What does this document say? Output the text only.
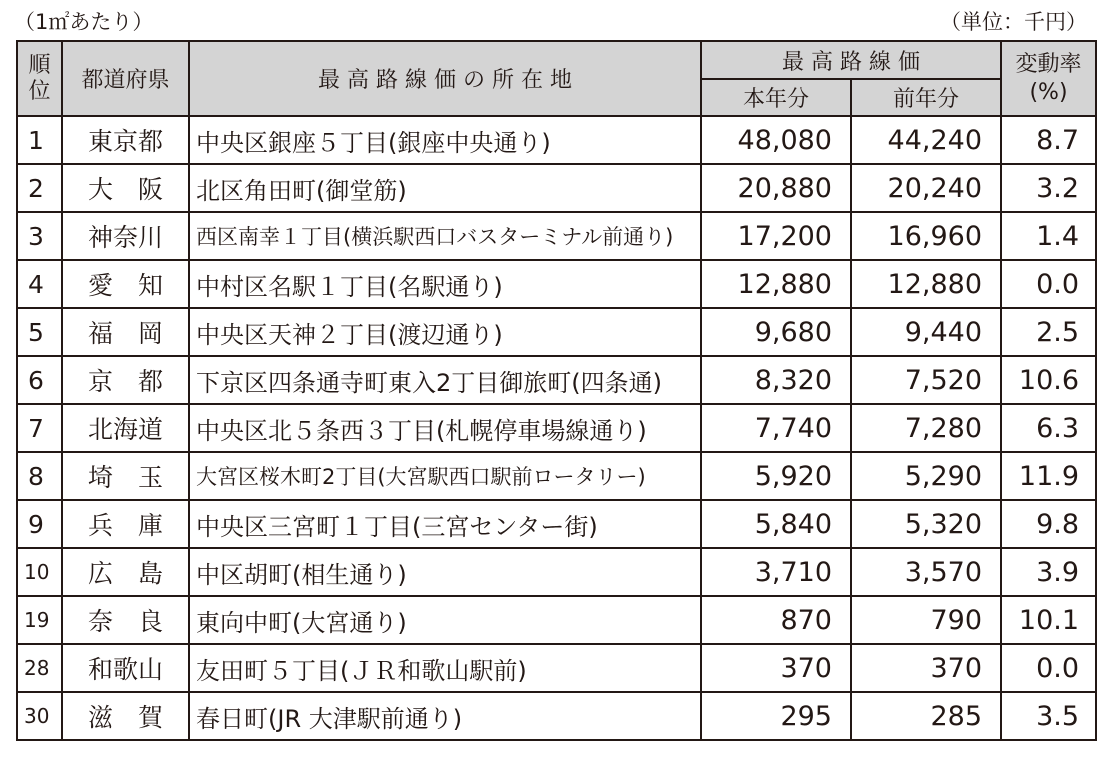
（1㎡あたり）	（単位：千円）
順位	都道府県	最 高 路 線 価 の 所 在 地	最 高 路 線 価		変動率
(%)

			本年分	前年分	
1	東京都	中央区銀座５丁目(銀座中央通り)	48,080	44,240	8.7
2	大　阪	北区角田町(御堂筋)	20,880	20,240	3.2
3	神奈川	西区南幸１丁目(横浜駅西口バスターミナル前通り)	17,200	16,960	1.4
4	愛　知	中村区名駅１丁目(名駅通り)	12,880	12,880	0.0
5	福　岡	中央区天神２丁目(渡辺通り)	9,680	9,440	2.5
6	京　都	下京区四条通寺町東入2丁目御旅町(四条通)	8,320	7,520	10.6
7	北海道	中央区北５条西３丁目(札幌停車場線通り)	7,740	7,280	6.3
8	埼　玉	大宮区桜木町2丁目(大宮駅西口駅前ロータリー)	5,920	5,290	11.9
9	兵　庫	中央区三宮町１丁目(三宮センター街)	5,840	5,320	9.8
10	広　島	中区胡町(相生通り)	3,710	3,570	3.9
19	奈　良	東向中町(大宮通り)	870	790	10.1
28	和歌山	友田町５丁目(ＪＲ和歌山駅前)	370	370	0.0
30	滋　賀	春日町(JR 大津駅前通り)	295	285	3.5
